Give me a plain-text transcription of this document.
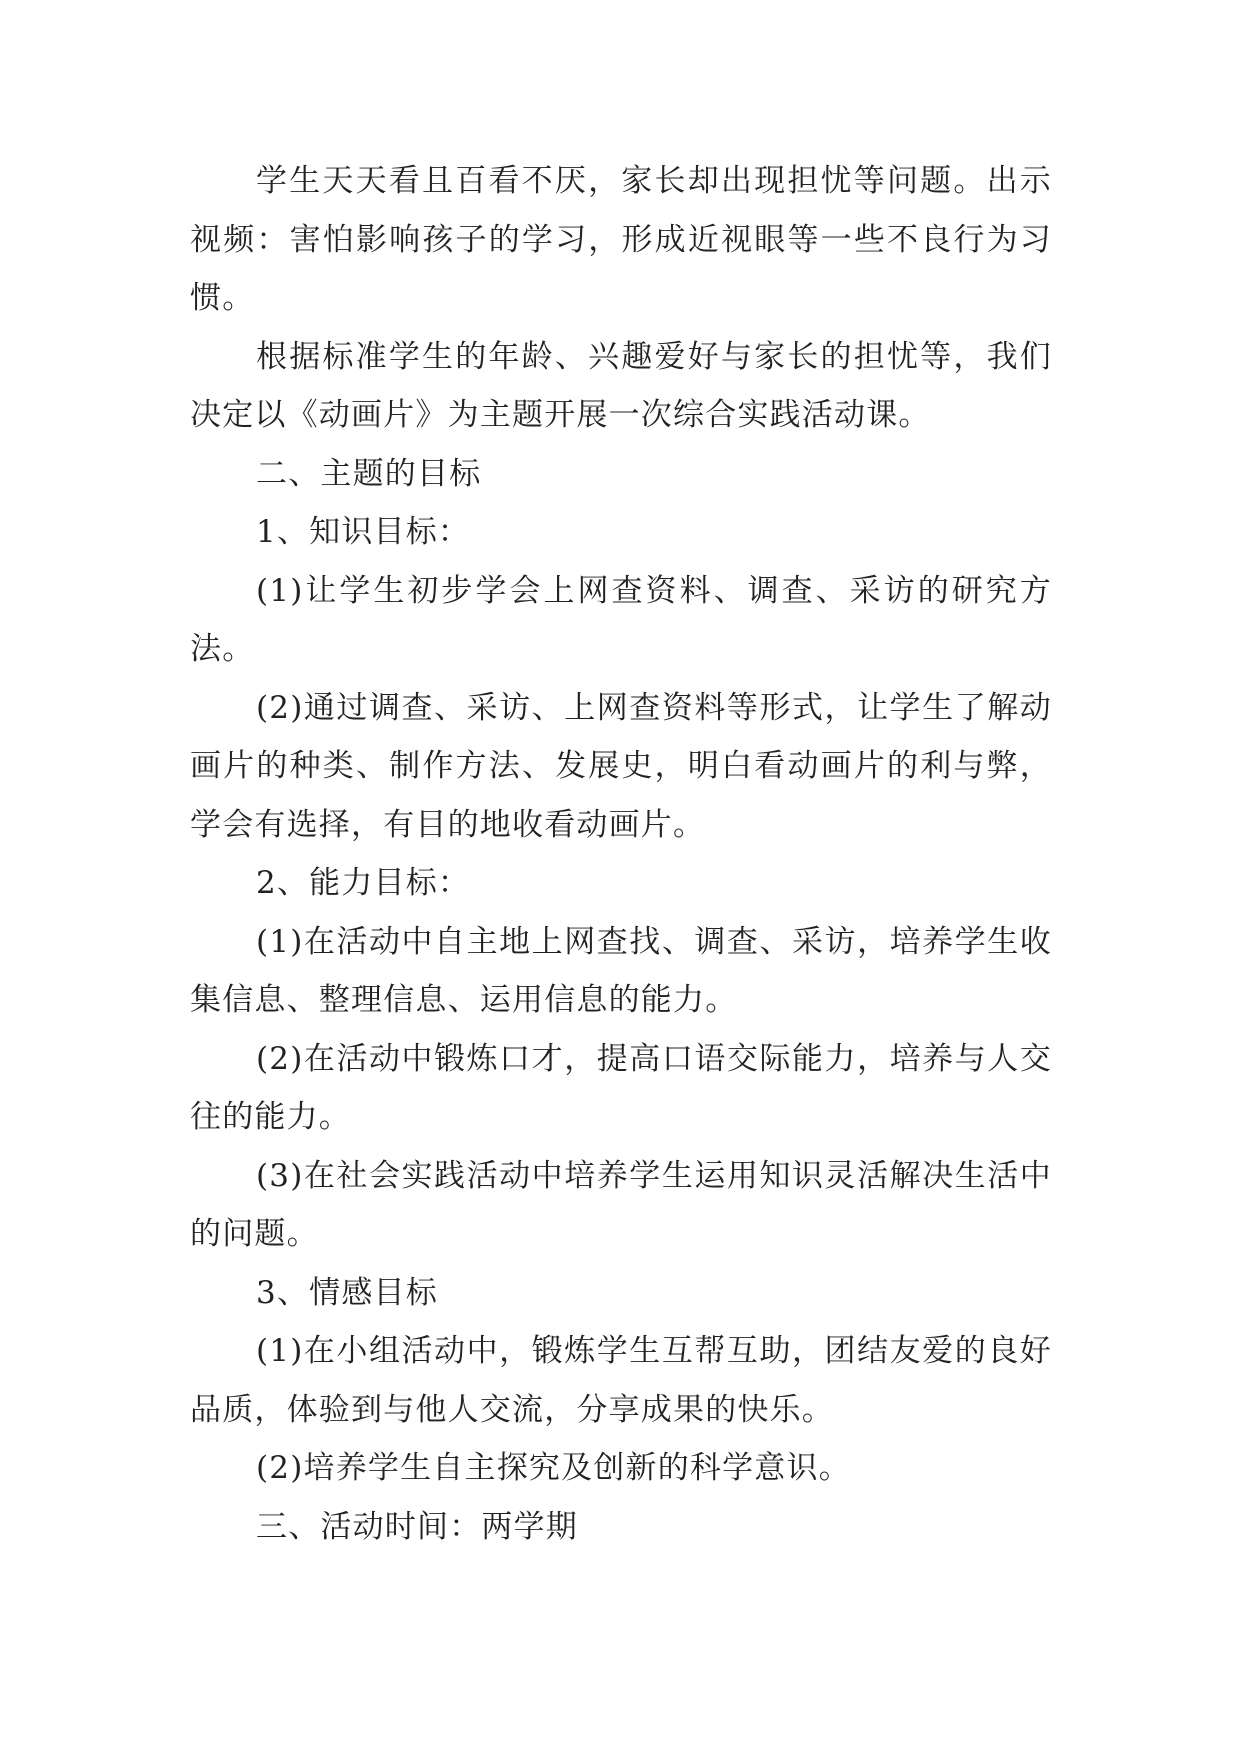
学生天天看且百看不厌，家长却出现担忧等问题。出示视频：害怕影响孩子的学习，形成近视眼等一些不良行为习惯。

根据标准学生的年龄、兴趣爱好与家长的担忧等，我们决定以《动画片》为主题开展一次综合实践活动课。

二、主题的目标

1、知识目标：

(1)让学生初步学会上网查资料、调查、采访的研究方法。

(2)通过调查、采访、上网查资料等形式，让学生了解动画片的种类、制作方法、发展史，明白看动画片的利与弊，学会有选择，有目的地收看动画片。

2、能力目标：

(1)在活动中自主地上网查找、调查、采访，培养学生收集信息、整理信息、运用信息的能力。

(2)在活动中锻炼口才，提高口语交际能力，培养与人交往的能力。

(3)在社会实践活动中培养学生运用知识灵活解决生活中的问题。

3、情感目标

(1)在小组活动中，锻炼学生互帮互助，团结友爱的良好品质，体验到与他人交流，分享成果的快乐。

(2)培养学生自主探究及创新的科学意识。

三、活动时间：两学期
